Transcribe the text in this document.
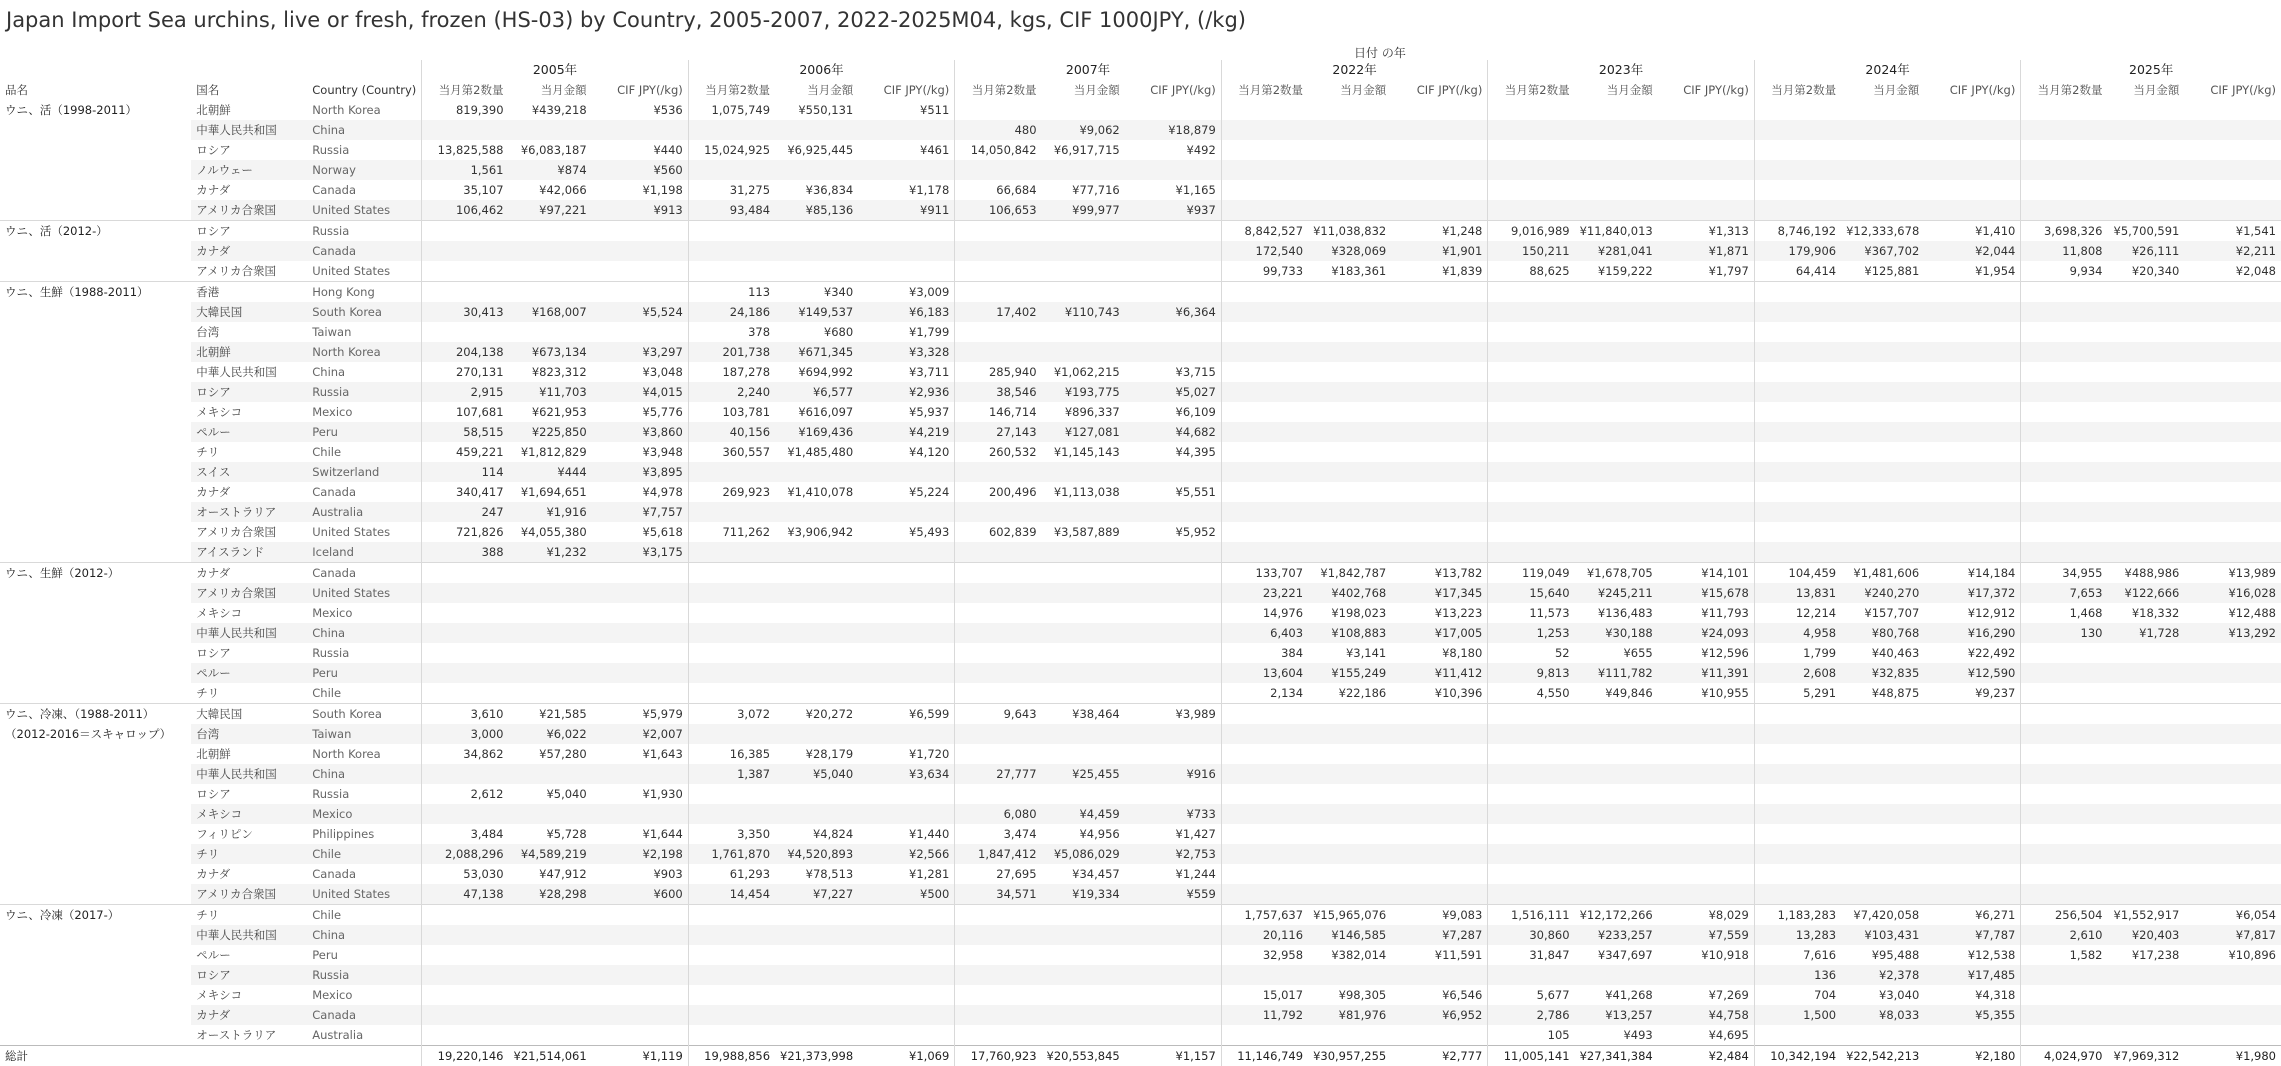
Japan Import Sea urchins, live or fresh, frozen (HS-03) by Country, 2005-2007, 2022-2025M04, kgs, CIF 1000JPY, (/kg)
日付 の年
			2005年			2006年			2007年			2022年			2023年			2024年			2025年		
品名	国名	Country (Country)	当月第2数量	当月金額	CIF JPY(/kg)	当月第2数量	当月金額	CIF JPY(/kg)	当月第2数量	当月金額	CIF JPY(/kg)	当月第2数量	当月金額	CIF JPY(/kg)	当月第2数量	当月金額	CIF JPY(/kg)	当月第2数量	当月金額	CIF JPY(/kg)	当月第2数量	当月金額	CIF JPY(/kg)
ウニ、活（1998-2011）	北朝鮮	North Korea	819,390	¥439,218	¥536	1,075,749	¥550,131	¥511															
	中華人民共和国	China							480	¥9,062	¥18,879												
	ロシア	Russia	13,825,588	¥6,083,187	¥440	15,024,925	¥6,925,445	¥461	14,050,842	¥6,917,715	¥492												
	ノルウェー	Norway	1,561	¥874	¥560																		
	カナダ	Canada	35,107	¥42,066	¥1,198	31,275	¥36,834	¥1,178	66,684	¥77,716	¥1,165												
	アメリカ合衆国	United States	106,462	¥97,221	¥913	93,484	¥85,136	¥911	106,653	¥99,977	¥937												
ウニ、活（2012-）	ロシア	Russia										8,842,527	¥11,038,832	¥1,248	9,016,989	¥11,840,013	¥1,313	8,746,192	¥12,333,678	¥1,410	3,698,326	¥5,700,591	¥1,541
	カナダ	Canada										172,540	¥328,069	¥1,901	150,211	¥281,041	¥1,871	179,906	¥367,702	¥2,044	11,808	¥26,111	¥2,211
	アメリカ合衆国	United States										99,733	¥183,361	¥1,839	88,625	¥159,222	¥1,797	64,414	¥125,881	¥1,954	9,934	¥20,340	¥2,048
ウニ、生鮮（1988-2011）	香港	Hong Kong				113	¥340	¥3,009															
	大韓民国	South Korea	30,413	¥168,007	¥5,524	24,186	¥149,537	¥6,183	17,402	¥110,743	¥6,364												
	台湾	Taiwan				378	¥680	¥1,799															
	北朝鮮	North Korea	204,138	¥673,134	¥3,297	201,738	¥671,345	¥3,328															
	中華人民共和国	China	270,131	¥823,312	¥3,048	187,278	¥694,992	¥3,711	285,940	¥1,062,215	¥3,715												
	ロシア	Russia	2,915	¥11,703	¥4,015	2,240	¥6,577	¥2,936	38,546	¥193,775	¥5,027												
	メキシコ	Mexico	107,681	¥621,953	¥5,776	103,781	¥616,097	¥5,937	146,714	¥896,337	¥6,109												
	ペルー	Peru	58,515	¥225,850	¥3,860	40,156	¥169,436	¥4,219	27,143	¥127,081	¥4,682												
	チリ	Chile	459,221	¥1,812,829	¥3,948	360,557	¥1,485,480	¥4,120	260,532	¥1,145,143	¥4,395												
	スイス	Switzerland	114	¥444	¥3,895																		
	カナダ	Canada	340,417	¥1,694,651	¥4,978	269,923	¥1,410,078	¥5,224	200,496	¥1,113,038	¥5,551												
	オーストラリア	Australia	247	¥1,916	¥7,757																		
	アメリカ合衆国	United States	721,826	¥4,055,380	¥5,618	711,262	¥3,906,942	¥5,493	602,839	¥3,587,889	¥5,952												
	アイスランド	Iceland	388	¥1,232	¥3,175																		
ウニ、生鮮（2012-）	カナダ	Canada										133,707	¥1,842,787	¥13,782	119,049	¥1,678,705	¥14,101	104,459	¥1,481,606	¥14,184	34,955	¥488,986	¥13,989
	アメリカ合衆国	United States										23,221	¥402,768	¥17,345	15,640	¥245,211	¥15,678	13,831	¥240,270	¥17,372	7,653	¥122,666	¥16,028
	メキシコ	Mexico										14,976	¥198,023	¥13,223	11,573	¥136,483	¥11,793	12,214	¥157,707	¥12,912	1,468	¥18,332	¥12,488
	中華人民共和国	China										6,403	¥108,883	¥17,005	1,253	¥30,188	¥24,093	4,958	¥80,768	¥16,290	130	¥1,728	¥13,292
	ロシア	Russia										384	¥3,141	¥8,180	52	¥655	¥12,596	1,799	¥40,463	¥22,492			
	ペルー	Peru										13,604	¥155,249	¥11,412	9,813	¥111,782	¥11,391	2,608	¥32,835	¥12,590			
	チリ	Chile										2,134	¥22,186	¥10,396	4,550	¥49,846	¥10,955	5,291	¥48,875	¥9,237			
ウニ、冷凍、（1988-2011）（2012-2016＝スキャロップ）	大韓民国	South Korea	3,610	¥21,585	¥5,979	3,072	¥20,272	¥6,599	9,643	¥38,464	¥3,989												
	台湾	Taiwan	3,000	¥6,022	¥2,007																		
	北朝鮮	North Korea	34,862	¥57,280	¥1,643	16,385	¥28,179	¥1,720															
	中華人民共和国	China				1,387	¥5,040	¥3,634	27,777	¥25,455	¥916												
	ロシア	Russia	2,612	¥5,040	¥1,930																		
	メキシコ	Mexico							6,080	¥4,459	¥733												
	フィリピン	Philippines	3,484	¥5,728	¥1,644	3,350	¥4,824	¥1,440	3,474	¥4,956	¥1,427												
	チリ	Chile	2,088,296	¥4,589,219	¥2,198	1,761,870	¥4,520,893	¥2,566	1,847,412	¥5,086,029	¥2,753												
	カナダ	Canada	53,030	¥47,912	¥903	61,293	¥78,513	¥1,281	27,695	¥34,457	¥1,244												
	アメリカ合衆国	United States	47,138	¥28,298	¥600	14,454	¥7,227	¥500	34,571	¥19,334	¥559												
ウニ、冷凍（2017-）	チリ	Chile										1,757,637	¥15,965,076	¥9,083	1,516,111	¥12,172,266	¥8,029	1,183,283	¥7,420,058	¥6,271	256,504	¥1,552,917	¥6,054
	中華人民共和国	China										20,116	¥146,585	¥7,287	30,860	¥233,257	¥7,559	13,283	¥103,431	¥7,787	2,610	¥20,403	¥7,817
	ペルー	Peru										32,958	¥382,014	¥11,591	31,847	¥347,697	¥10,918	7,616	¥95,488	¥12,538	1,582	¥17,238	¥10,896
	ロシア	Russia																136	¥2,378	¥17,485			
	メキシコ	Mexico										15,017	¥98,305	¥6,546	5,677	¥41,268	¥7,269	704	¥3,040	¥4,318			
	カナダ	Canada										11,792	¥81,976	¥6,952	2,786	¥13,257	¥4,758	1,500	¥8,033	¥5,355			
	オーストラリア	Australia													105	¥493	¥4,695						
総計			19,220,146	¥21,514,061	¥1,119	19,988,856	¥21,373,998	¥1,069	17,760,923	¥20,553,845	¥1,157	11,146,749	¥30,957,255	¥2,777	11,005,141	¥27,341,384	¥2,484	10,342,194	¥22,542,213	¥2,180	4,024,970	¥7,969,312	¥1,980
